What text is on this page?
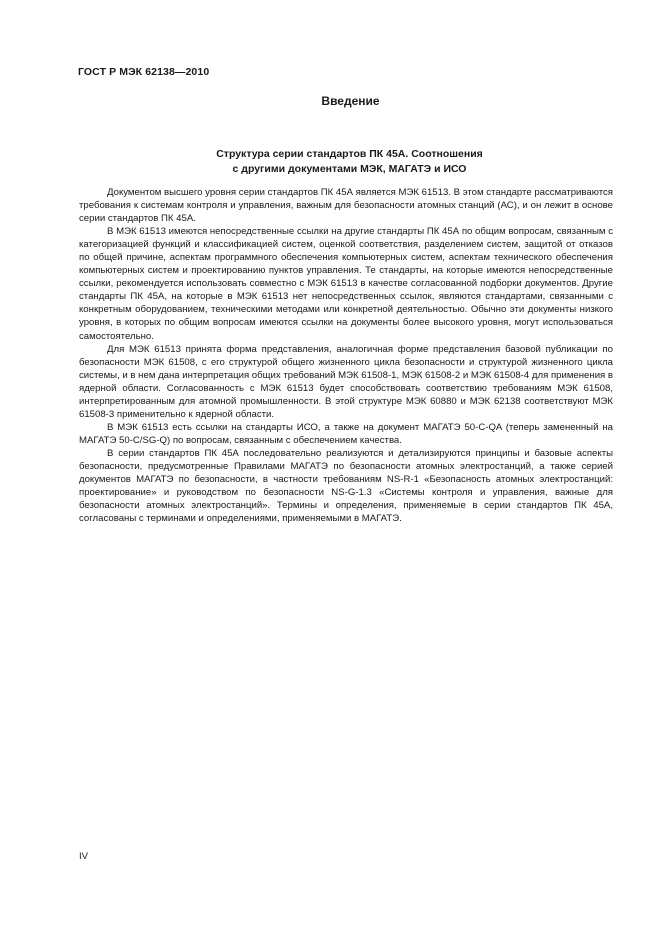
ГОСТ Р МЭК 62138—2010
Введение
Структура серии стандартов ПК 45А. Соотношения
с другими документами МЭК, МАГАТЭ и ИСО

Документом высшего уровня серии стандартов ПК 45А является МЭК 61513. В этом стандарте рассматриваются требования к системам контроля и управления, важным для безопасности атомных станций (АС), и он лежит в основе серии стандартов ПК 45А.

В МЭК 61513 имеются непосредственные ссылки на другие стандарты ПК 45А по общим вопросам, связанным с категоризацией функций и классификацией систем, оценкой соответствия, разделением систем, защитой от отказов по общей причине, аспектам программного обеспечения компьютерных систем, аспектам технического обеспечения компьютерных систем и проектированию пунктов управления. Те стандарты, на которые имеются непосредственные ссылки, рекомендуется использовать совместно с МЭК 61513 в качестве согласованной подборки документов. Другие стандарты ПК 45А, на которые в МЭК 61513 нет непосредственных ссылок, являются стандартами, связанными с конкретным оборудованием, техническими методами или конкретной деятельностью. Обычно эти документы низкого уровня, в которых по общим вопросам имеются ссылки на документы более высокого уровня, могут использоваться самостоятельно.

Для МЭК 61513 принята форма представления, аналогичная форме представления базовой публикации по безопасности МЭК 61508, с его структурой общего жизненного цикла безопасности и структурой жизненного цикла системы, и в нем дана интерпретация общих требований МЭК 61508-1, МЭК 61508-2 и МЭК 61508-4 для применения в ядерной области. Согласованность с МЭК 61513 будет способствовать соответствию требованиям МЭК 61508, интерпретированным для атомной промышленности. В этой структуре МЭК 60880 и МЭК 62138 соответствуют МЭК 61508-3 применительно к ядерной области.

В МЭК 61513 есть ссылки на стандарты ИСО, а также на документ МАГАТЭ 50-C-QA (теперь замененный на МАГАТЭ 50-C/SG-Q) по вопросам, связанным с обеспечением качества.

В серии стандартов ПК 45А последовательно реализуются и детализируются принципы и базовые аспекты безопасности, предусмотренные Правилами МАГАТЭ по безопасности атомных электростанций, а также серией документов МАГАТЭ по безопасности, в частности требованиям NS-R-1 «Безопасность атомных электростанций: проектирование» и руководством по безопасности NS-G-1.3 «Системы контроля и управления, важные для безопасности атомных электростанций». Термины и определения, применяемые в серии стандартов ПК 45А, согласованы с терминами и определениями, применяемыми в МАГАТЭ.

IV
